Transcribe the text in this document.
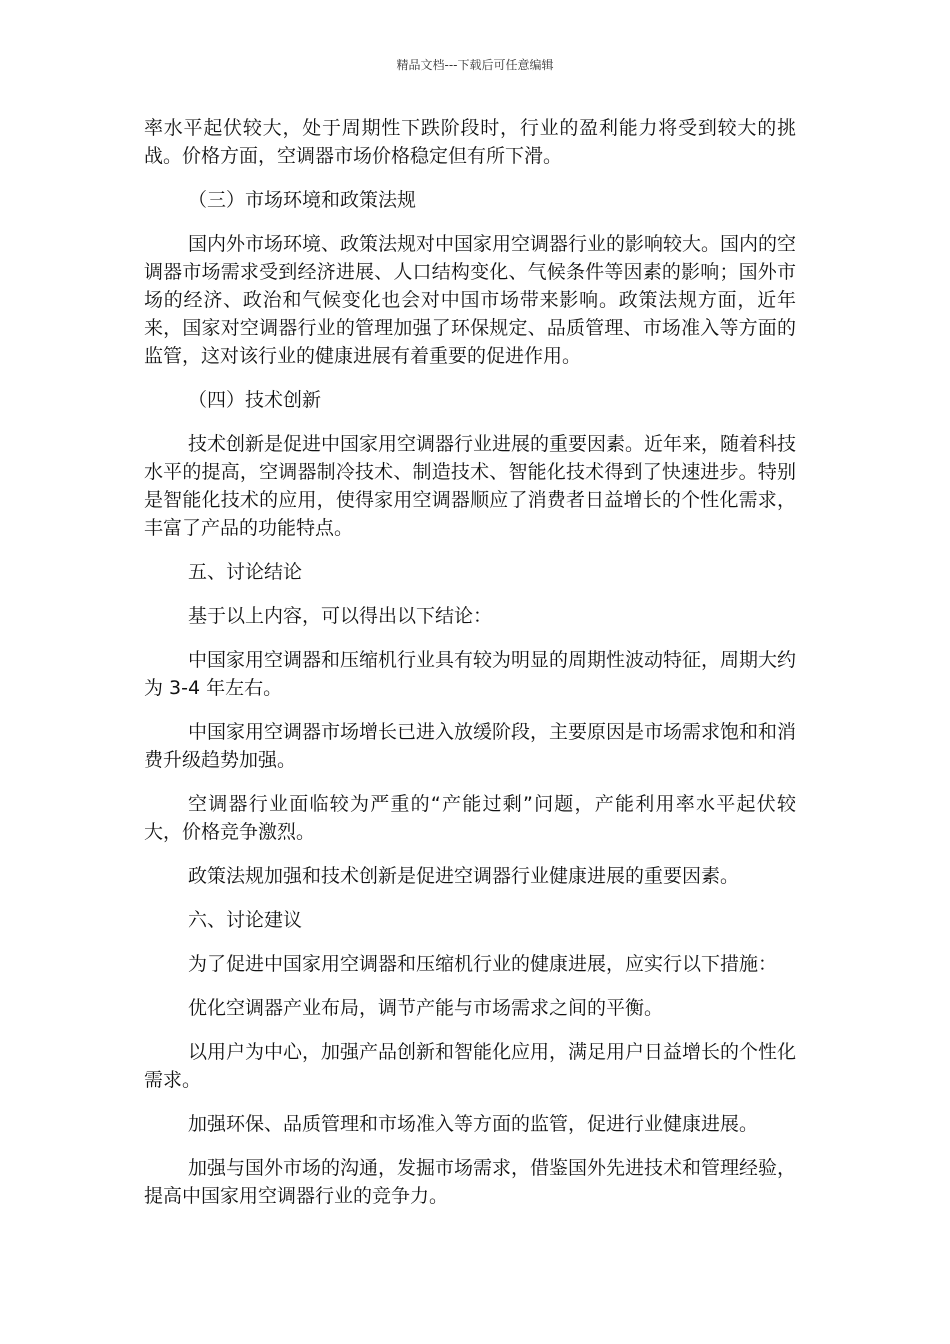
精品文档---下载后可任意编辑

率水平起伏较大，处于周期性下跌阶段时，行业的盈利能力将受到较大的挑战。价格方面，空调器市场价格稳定但有所下滑。

（三）市场环境和政策法规

国内外市场环境、政策法规对中国家用空调器行业的影响较大。国内的空调器市场需求受到经济进展、人口结构变化、气候条件等因素的影响；国外市场的经济、政治和气候变化也会对中国市场带来影响。政策法规方面，近年来，国家对空调器行业的管理加强了环保规定、品质管理、市场准入等方面的监管，这对该行业的健康进展有着重要的促进作用。

（四）技术创新

技术创新是促进中国家用空调器行业进展的重要因素。近年来，随着科技水平的提高，空调器制冷技术、制造技术、智能化技术得到了快速进步。特别是智能化技术的应用，使得家用空调器顺应了消费者日益增长的个性化需求，丰富了产品的功能特点。

五、讨论结论

基于以上内容，可以得出以下结论：

中国家用空调器和压缩机行业具有较为明显的周期性波动特征，周期大约为 3-4 年左右。

中国家用空调器市场增长已进入放缓阶段，主要原因是市场需求饱和和消费升级趋势加强。

空调器行业面临较为严重的“产能过剩”问题，产能利用率水平起伏较大，价格竞争激烈。

政策法规加强和技术创新是促进空调器行业健康进展的重要因素。

六、讨论建议

为了促进中国家用空调器和压缩机行业的健康进展，应实行以下措施：

优化空调器产业布局，调节产能与市场需求之间的平衡。

以用户为中心，加强产品创新和智能化应用，满足用户日益增长的个性化需求。

加强环保、品质管理和市场准入等方面的监管，促进行业健康进展。

加强与国外市场的沟通，发掘市场需求，借鉴国外先进技术和管理经验，提高中国家用空调器行业的竞争力。
